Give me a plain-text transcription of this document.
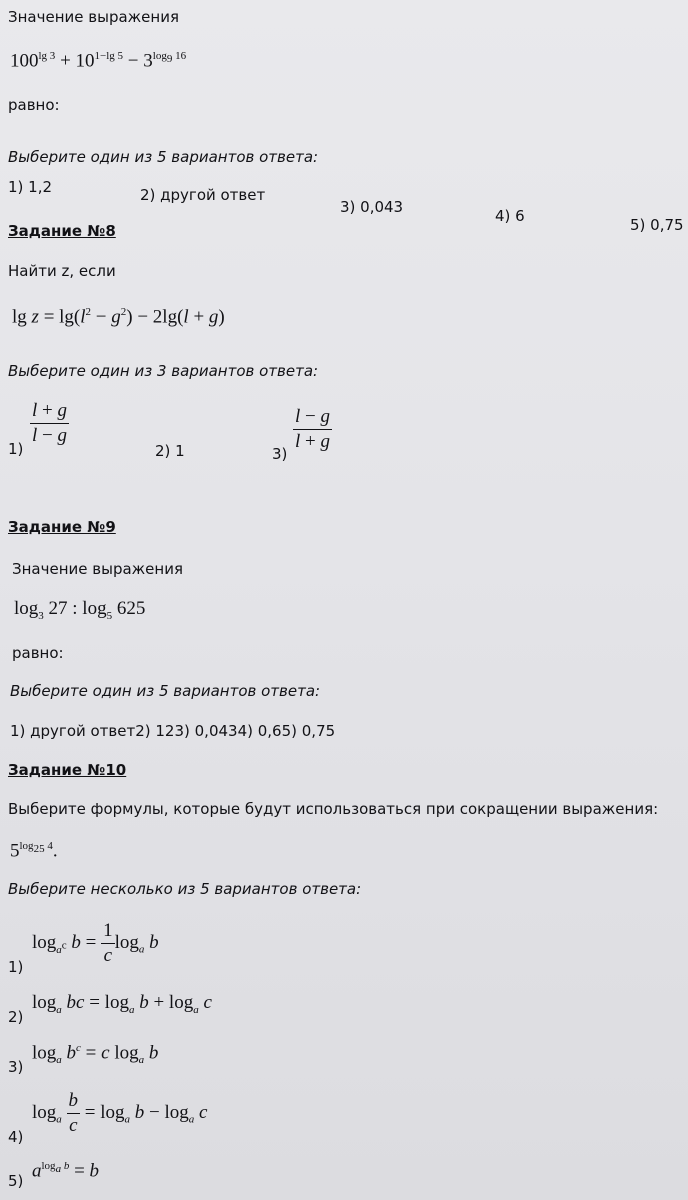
Значение выражения
$100^{lg 3} + 10^{1-lg 5} - 3^{log_9 16}$
равно:
Выберите один из 5 вариантов ответа:
1) 1,2	2) другой ответ
3) 0,043	4) 6	5) 0,75
Задание №8
Найти z, если
$\lg z = \lg(l^2 - g^2) - 2\lg(l + g)$
Выберите один из 3 вариантов ответа:
1)
$\frac{l + g}{l - g}$
2) 1	3)
$\frac{l - g}{l + g}$
Задание №9
Значение выражения
$\log_3 27$ : $\log_5 625$
равно:
Выберите один из 5 вариантов ответа:
1) другой ответ2) 123) 0,0434) 0,65) 0,75
Задание №10
Выберите формулы, которые будут использоваться при сокращении выражения:
$5^{log_{25} 4}$.
Выберите несколько из 5 вариантов ответа:
1)
$\log_{a^c} b = \frac{1}{c} \log_a b$
2)
$\log_a$ bc = $\log_a b + \log_a c$
3)
$\log_a b^c = c$ $\log_a b$
4)
$\log_a \frac{b}{c} = \log_a b - \log_a c$
5) $a^{log_a b} = b$
